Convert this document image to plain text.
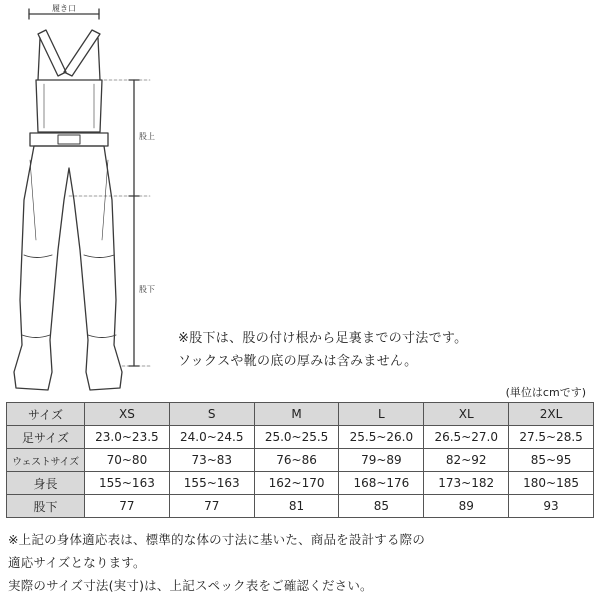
履き口
股上
股下
※股下は、股の付け根から足裏までの寸法です。
ソックスや靴の底の厚みは含みません。
(単位はcmです)
サイズ	XS	S	M	L	XL	2XL
足サイズ	23.0~23.5	24.0~24.5	25.0~25.5	25.5~26.0	26.5~27.0	27.5~28.5
ウェストサイズ	70~80	73~83	76~86	79~89	82~92	85~95
身長	155~163	155~163	162~170	168~176	173~182	180~185
股下	77	77	81	85	89	93
※上記の身体適応表は、標準的な体の寸法に基いた、商品を設計する際の
適応サイズとなります。
実際のサイズ寸法(実寸)は、上記スペック表をご確認ください。
